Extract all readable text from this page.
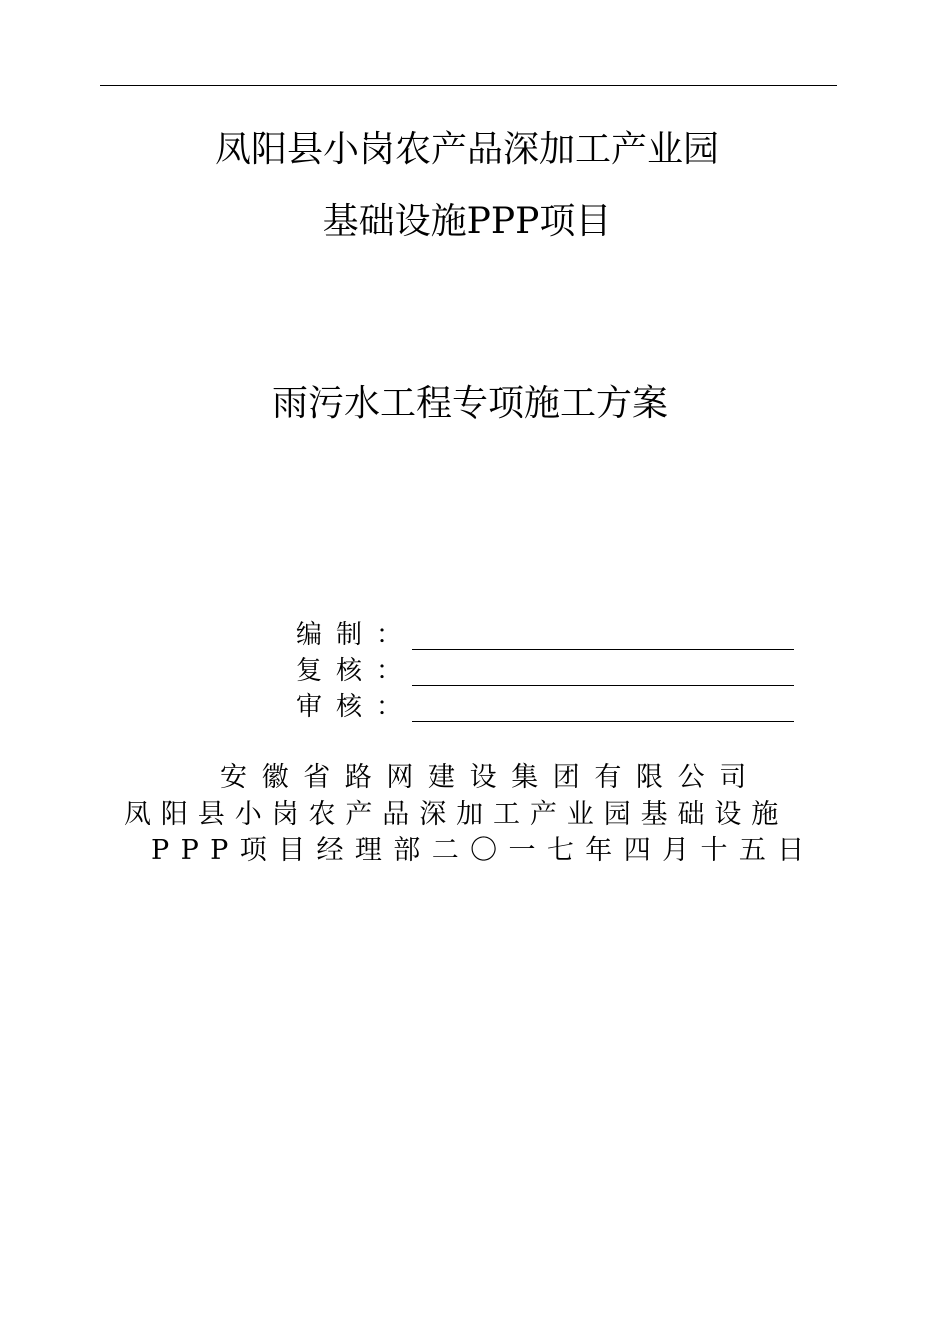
凤阳县小岗农产品深加工产业园
基础设施PPP项目
雨污水工程专项施工方案
编制：
复核：
审核：
安徽省路网建设集团有限公司
凤阳县小岗农产品深加工产业园基础设施
PPP项目经理部二〇一七年四月十五日
